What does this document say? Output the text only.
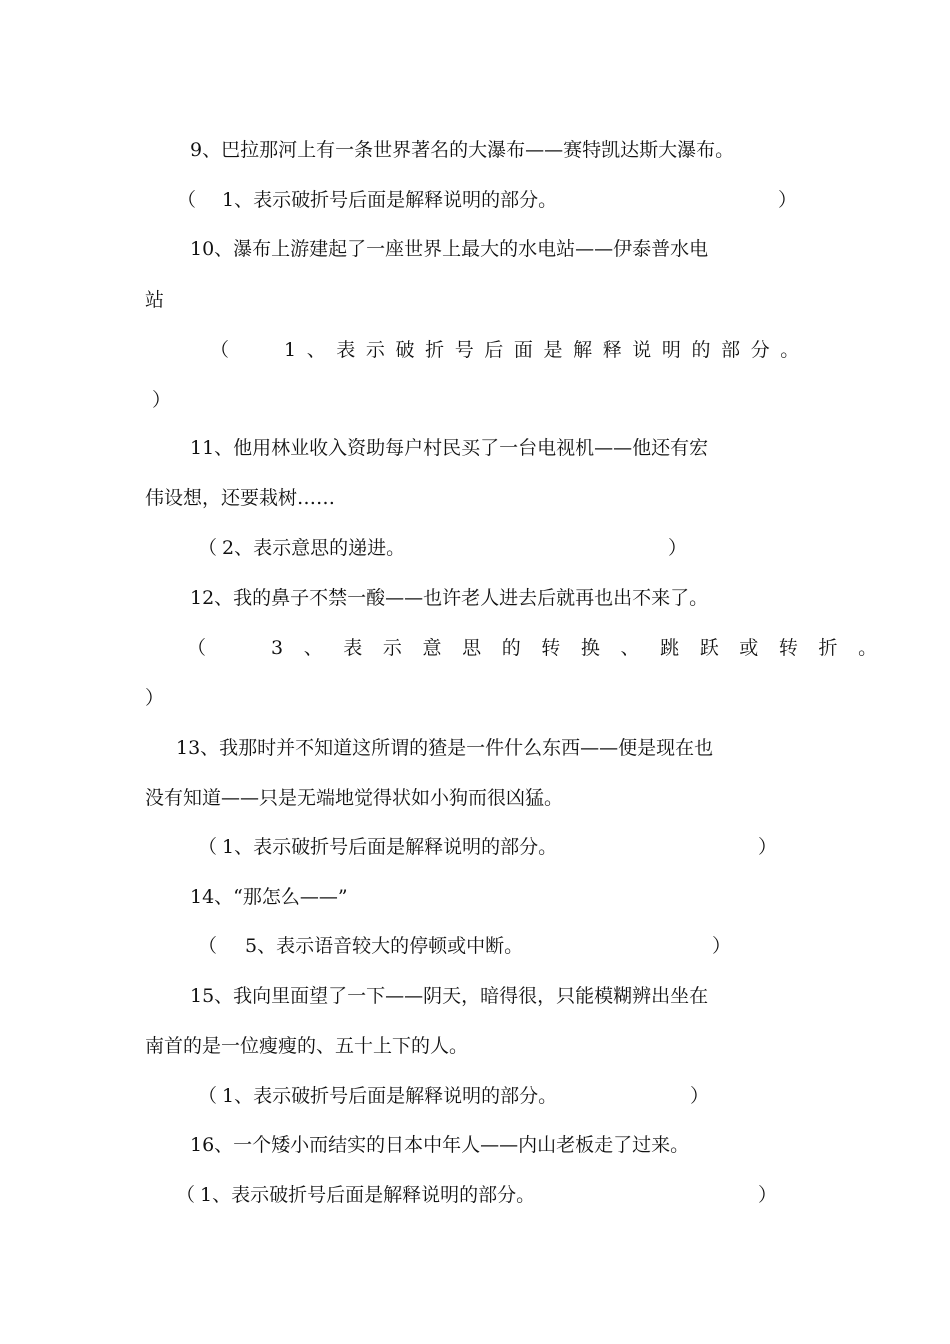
9、巴拉那河上有一条世界著名的大瀑布——赛特凯达斯大瀑布。
（ 1、表示破折号后面是解释说明的部分。	）
10、瀑布上游建起了一座世界上最大的水电站——伊泰普水电
站
（	1、表示破折号后面是解释说明的部分。
）
11、他用林业收入资助每户村民买了一台电视机——他还有宏
伟设想，还要栽树……
（ 2、表示意思的递进。	）
12、我的鼻子不禁一酸——也许老人进去后就再也出不来了。
（	3、表示意思的转换、跳跃或转折。
）
13、我那时并不知道这所谓的猹是一件什么东西——便是现在也
没有知道——只是无端地觉得状如小狗而很凶猛。
（ 1、表示破折号后面是解释说明的部分。	）
14、“那怎么——”
（ 5、表示语音较大的停顿或中断。	）
15、我向里面望了一下——阴天，暗得很，只能模糊辨出坐在
南首的是一位瘦瘦的、五十上下的人。
（ 1、表示破折号后面是解释说明的部分。	）
16、一个矮小而结实的日本中年人——内山老板走了过来。
（ 1、表示破折号后面是解释说明的部分。	）
